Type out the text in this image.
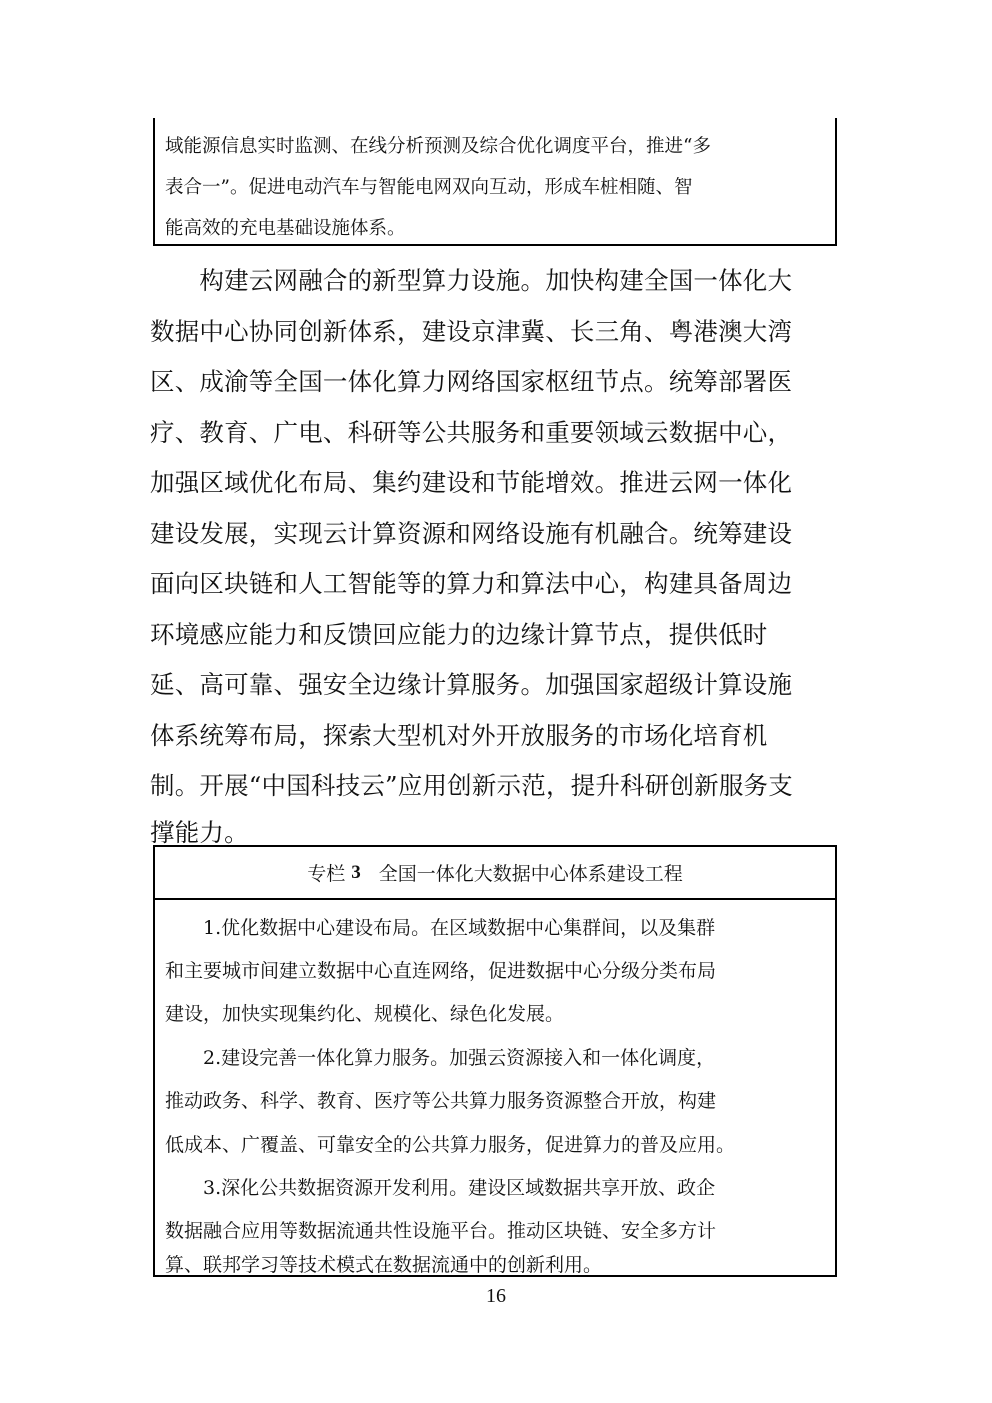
域能源信息实时监测、在线分析预测及综合优化调度平台，推进“多
表合一”。促进电动汽车与智能电网双向互动，形成车桩相随、智
能高效的充电基础设施体系。
　　构建云网融合的新型算力设施。加快构建全国一体化大
数据中心协同创新体系，建设京津冀、长三角、粤港澳大湾
区、成渝等全国一体化算力网络国家枢纽节点。统筹部署医
疗、教育、广电、科研等公共服务和重要领域云数据中心，
加强区域优化布局、集约建设和节能增效。推进云网一体化
建设发展，实现云计算资源和网络设施有机融合。统筹建设
面向区块链和人工智能等的算力和算法中心，构建具备周边
环境感应能力和反馈回应能力的边缘计算节点，提供低时
延、高可靠、强安全边缘计算服务。加强国家超级计算设施
体系统筹布局，探索大型机对外开放服务的市场化培育机
制。开展“中国科技云”应用创新示范，提升科研创新服务支
撑能力。
专栏 3 全国一体化大数据中心体系建设工程
　　1.优化数据中心建设布局。在区域数据中心集群间，以及集群
和主要城市间建立数据中心直连网络，促进数据中心分级分类布局
建设，加快实现集约化、规模化、绿色化发展。
　　2.建设完善一体化算力服务。加强云资源接入和一体化调度，
推动政务、科学、教育、医疗等公共算力服务资源整合开放，构建
低成本、广覆盖、可靠安全的公共算力服务，促进算力的普及应用。
　　3.深化公共数据资源开发利用。建设区域数据共享开放、政企
数据融合应用等数据流通共性设施平台。推动区块链、安全多方计
算、联邦学习等技术模式在数据流通中的创新利用。
16
